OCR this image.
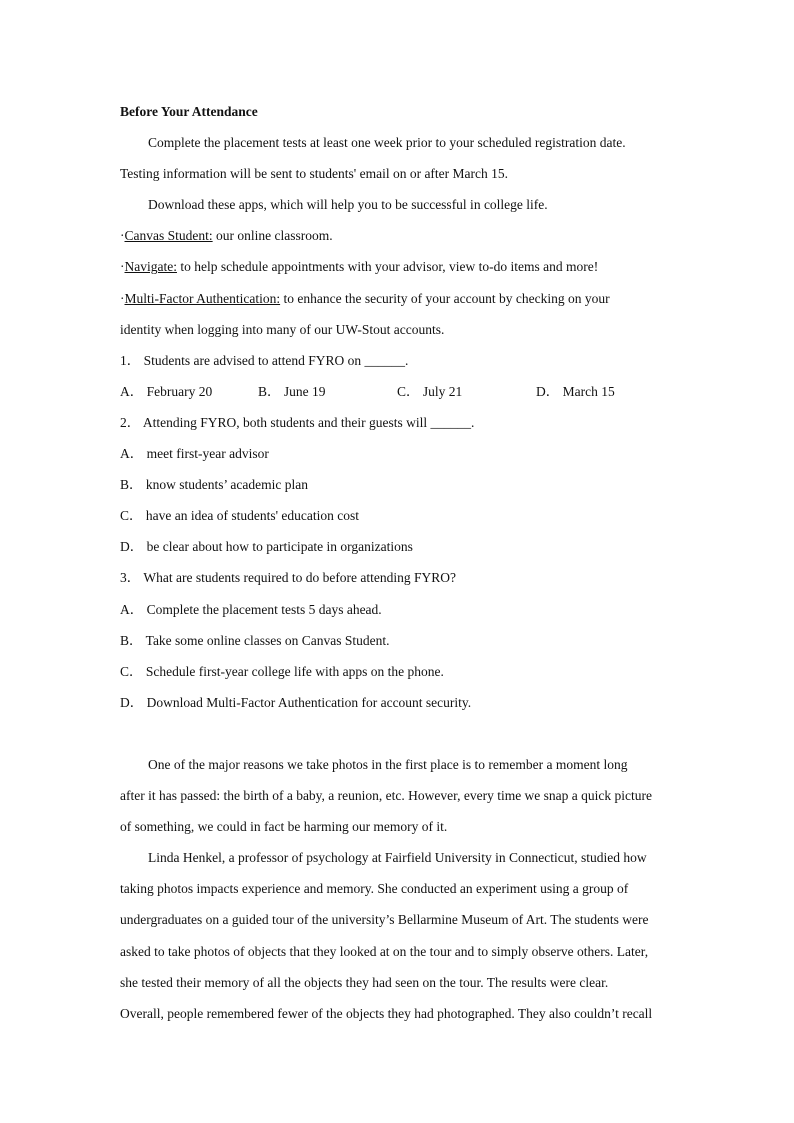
Before Your Attendance
Complete the placement tests at least one week prior to your scheduled registration date.
Testing information will be sent to students' email on or after March 15.
Download these apps, which will help you to be successful in college life.
·Canvas Student: our online classroom.
·Navigate: to help schedule appointments with your advisor, view to-do items and more!
·Multi-Factor Authentication: to enhance the security of your account by checking on your
identity when logging into many of our UW-Stout accounts.
1． Students are advised to attend FYRO on ______.
A． February 20	B． June 19	C． July 21	D． March 15
2． Attending FYRO, both students and their guests will ______.
A． meet first-year advisor
B． know students’ academic plan
C． have an idea of students' education cost
D． be clear about how to participate in organizations
3． What are students required to do before attending FYRO?
A． Complete the placement tests 5 days ahead.
B． Take some online classes on Canvas Student.
C． Schedule first-year college life with apps on the phone.
D． Download Multi-Factor Authentication for account security.
One of the major reasons we take photos in the first place is to remember a moment long
after it has passed: the birth of a baby, a reunion, etc. However, every time we snap a quick picture
of something, we could in fact be harming our memory of it.
Linda Henkel, a professor of psychology at Fairfield University in Connecticut, studied how
taking photos impacts experience and memory. She conducted an experiment using a group of
undergraduates on a guided tour of the university’s Bellarmine Museum of Art. The students were
asked to take photos of objects that they looked at on the tour and to simply observe others. Later,
she tested their memory of all the objects they had seen on the tour. The results were clear.
Overall, people remembered fewer of the objects they had photographed. They also couldn’t recall
